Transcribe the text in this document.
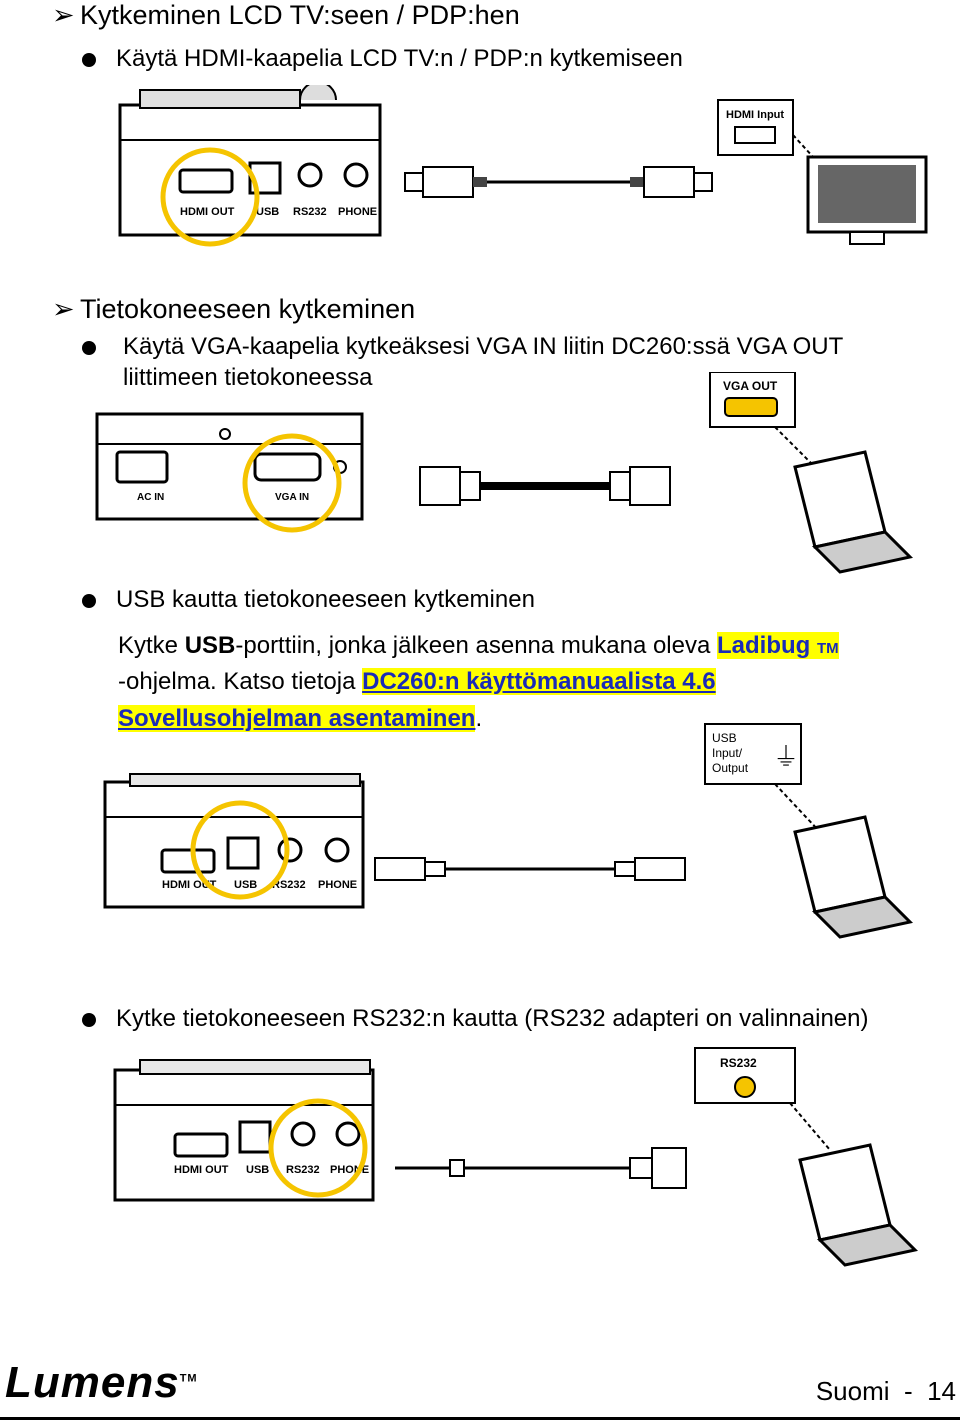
➢ Kytkeminen LCD TV:seen / PDP:hen
Käytä HDMI-kaapelia LCD TV:n / PDP:n kytkemiseen
HDMI OUT USB RS232 PHONE
HDMI Input
➢ Tietokoneeseen kytkeminen
Käytä VGA-kaapelia kytkeäksesi VGA IN liitin DC260:ssä VGA OUT
liittimeen tietokoneessa
AC IN	VGA IN
VGA OUT
USB kautta tietokoneeseen kytkeminen
Kytke USB-porttiin, jonka jälkeen asenna mukana oleva Ladibug TM
-ohjelma. Katso tietoja DC260:n käyttömanuaalista 4.6
Sovellusohjelman asentaminen.
HDMI OUT USB RS232 PHONE
USB
Input/
Output ⏚
Kytke tietokoneeseen RS232:n kautta (RS232 adapteri on valinnainen)
HDMI OUT USB RS232 PHONE
RS232
Lumens™	Suomi  -  14
